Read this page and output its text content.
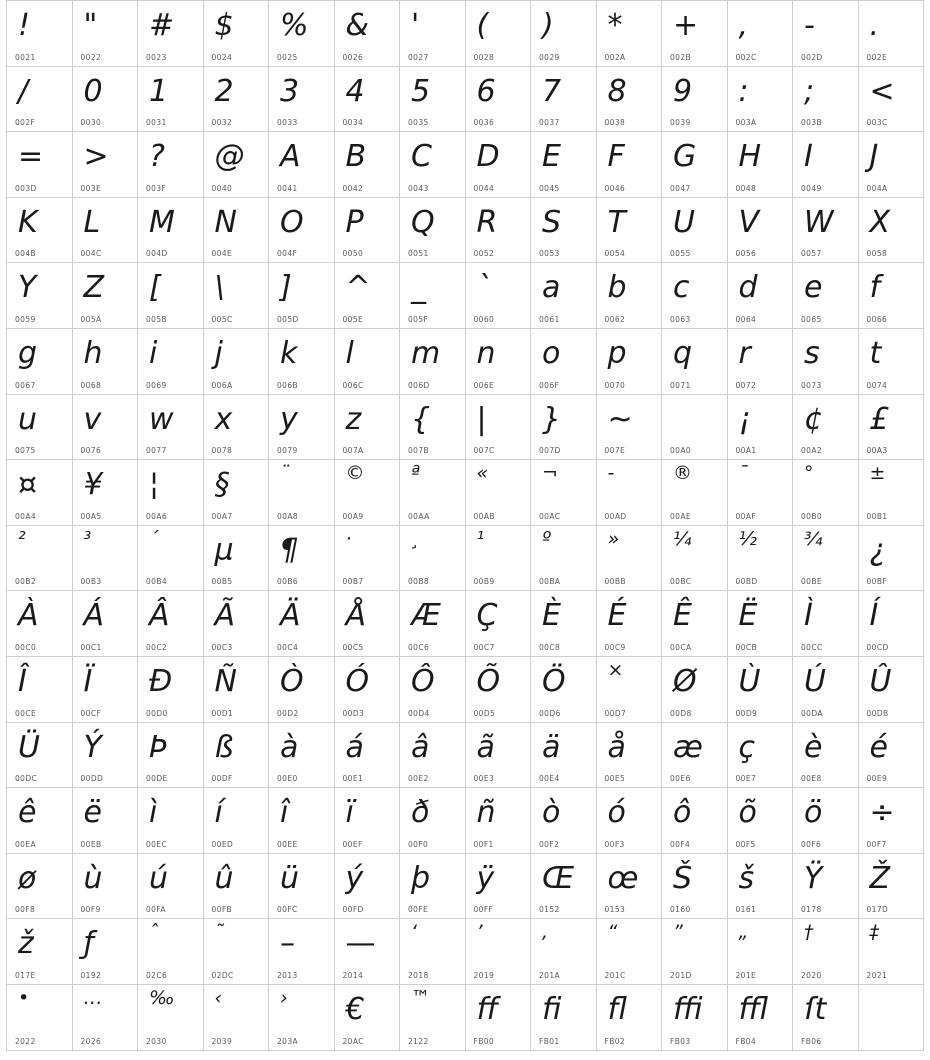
!
0021
"
0022
#
0023
$
0024
%
0025
&
0026
'
0027
(
0028
)
0029
*
002A
+
002B
,
002C
-
002D
.
002E
/
002F
0
0030
1
0031
2
0032
3
0033
4
0034
5
0035
6
0036
7
0037
8
0038
9
0039
:
003A
;
003B
<
003C
=
003D
>
003E
?
003F
@
0040
A
0041
B
0042
C
0043
D
0044
E
0045
F
0046
G
0047
H
0048
I
0049
J
004A
K
004B
L
004C
M
004D
N
004E
O
004F
P
0050
Q
0051
R
0052
S
0053
T
0054
U
0055
V
0056
W
0057
X
0058
Y
0059
Z
005A
[
005B
\
005C
]
005D
^
005E
_
005F
`
0060
a
0061
b
0062
c
0063
d
0064
e
0065
f
0066
g
0067
h
0068
i
0069
j
006A
k
006B
l
006C
m
006D
n
006E
o
006F
p
0070
q
0071
r
0072
s
0073
t
0074
u
0075
v
0076
w
0077
x
0078
y
0079
z
007A
{
007B
|
007C
}
007D
~
007E	00A0
¡
00A1
¢
00A2
£
00A3
¤
00A4
¥
00A5
¦
00A6
§
00A7
¨
00A8
©
00A9
ª
00AA
«
00AB
¬
00AC
-
00AD
®
00AE
¯
00AF
°
00B0
±
00B1
²
00B2
³
00B3
´
00B4
µ
00B5
¶
00B6
·
00B7
¸
00B8
¹
00B9
º
00BA
»
00BB
¼
00BC
½
00BD
¾
00BE
¿
00BF
À
00C0
Á
00C1
Â
00C2
Ã
00C3
Ä
00C4
Å
00C5
Æ
00C6
Ç
00C7
È
00C8
É
00C9
Ê
00CA
Ë
00CB
Ì
00CC
Í
00CD
Î
00CE
Ï
00CF
Ð
00D0
Ñ
00D1
Ò
00D2
Ó
00D3
Ô
00D4
Õ
00D5
Ö
00D6
×
00D7
Ø
00D8
Ù
00D9
Ú
00DA
Û
00DB
Ü
00DC
Ý
00DD
Þ
00DE
ß
00DF
à
00E0
á
00E1
â
00E2
ã
00E3
ä
00E4
å
00E5
æ
00E6
ç
00E7
è
00E8
é
00E9
ê
00EA
ë
00EB
ì
00EC
í
00ED
î
00EE
ï
00EF
ð
00F0
ñ
00F1
ò
00F2
ó
00F3
ô
00F4
õ
00F5
ö
00F6
÷
00F7
ø
00F8
ù
00F9
ú
00FA
û
00FB
ü
00FC
ý
00FD
þ
00FE
ÿ
00FF
Œ
0152
œ
0153
Š
0160
š
0161
Ÿ
0178
Ž
017D
ž
017E
ƒ
0192
ˆ
02C6
˜
02DC
–
2013
—
2014
‘
2018
’
2019
‚
201A
“
201C
”
201D
„
201E
†
2020
‡
2021
•
2022
…
2026
‰
2030
‹
2039
›
203A
€
20AC
™
2122
ff
FB00
fi
FB01
fl
FB02
ffi
FB03
ffl
FB04
ſt
FB06
